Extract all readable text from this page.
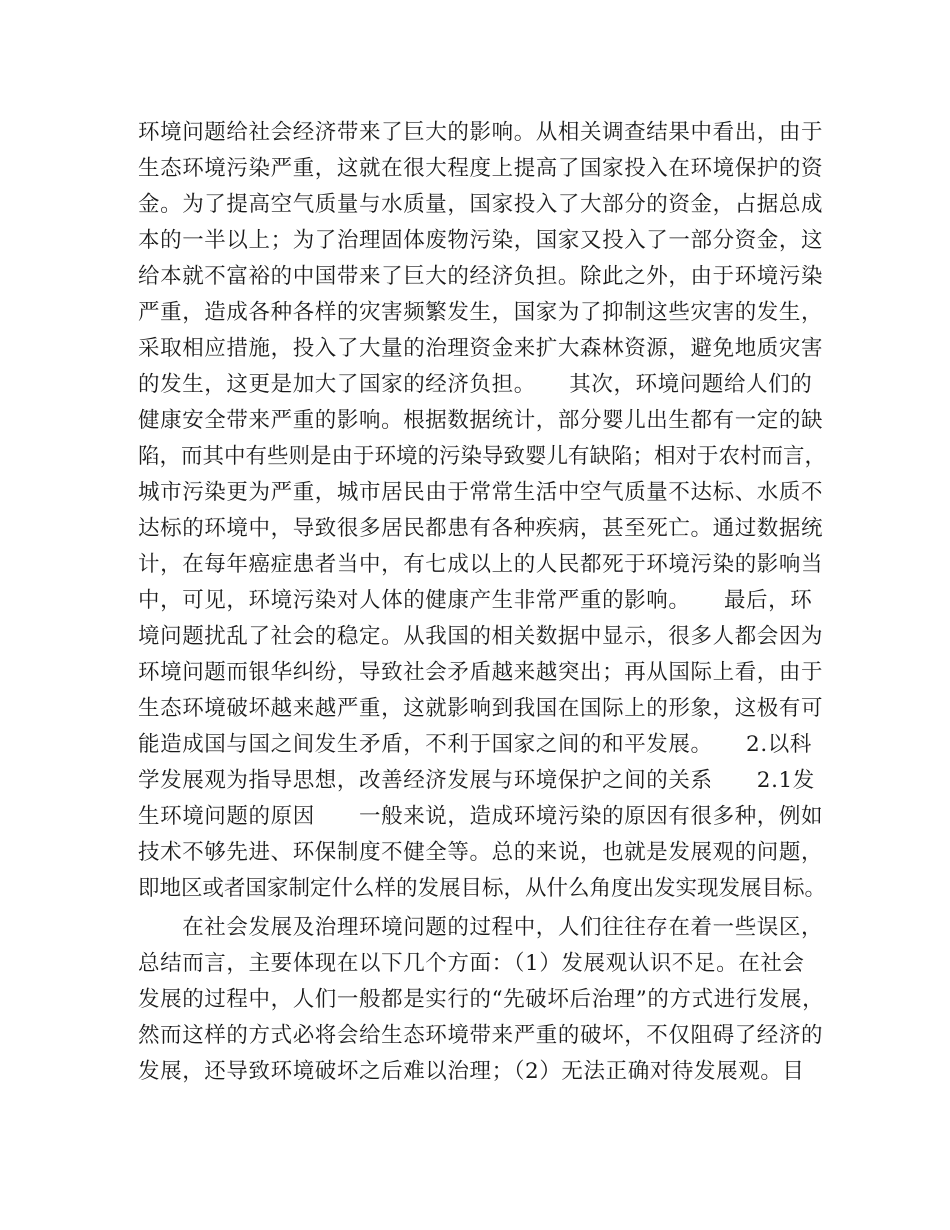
环境问题给社会经济带来了巨大的影响。从相关调查结果中看出，由于
生态环境污染严重，这就在很大程度上提高了国家投入在环境保护的资
金。为了提高空气质量与水质量，国家投入了大部分的资金，占据总成
本的一半以上；为了治理固体废物污染，国家又投入了一部分资金，这
给本就不富裕的中国带来了巨大的经济负担。除此之外，由于环境污染
严重，造成各种各样的灾害频繁发生，国家为了抑制这些灾害的发生，
采取相应措施，投入了大量的治理资金来扩大森林资源，避免地质灾害
的发生，这更是加大了国家的经济负担。　　其次，环境问题给人们的
健康安全带来严重的影响。根据数据统计，部分婴儿出生都有一定的缺
陷，而其中有些则是由于环境的污染导致婴儿有缺陷；相对于农村而言，
城市污染更为严重，城市居民由于常常生活中空气质量不达标、水质不
达标的环境中，导致很多居民都患有各种疾病，甚至死亡。通过数据统
计，在每年癌症患者当中，有七成以上的人民都死于环境污染的影响当
中，可见，环境污染对人体的健康产生非常严重的影响。　　最后，环
境问题扰乱了社会的稳定。从我国的相关数据中显示，很多人都会因为
环境问题而银华纠纷，导致社会矛盾越来越突出；再从国际上看，由于
生态环境破坏越来越严重，这就影响到我国在国际上的形象，这极有可
能造成国与国之间发生矛盾，不利于国家之间的和平发展。　　2.以科
学发展观为指导思想，改善经济发展与环境保护之间的关系　　2.1发
生环境问题的原因　　一般来说，造成环境污染的原因有很多种，例如
技术不够先进、环保制度不健全等。总的来说，也就是发展观的问题，
即地区或者国家制定什么样的发展目标，从什么角度出发实现发展目标。
　　在社会发展及治理环境问题的过程中，人们往往存在着一些误区，
总结而言，主要体现在以下几个方面：（1）发展观认识不足。在社会
发展的过程中，人们一般都是实行的“先破坏后治理”的方式进行发展，
然而这样的方式必将会给生态环境带来严重的破坏，不仅阻碍了经济的
发展，还导致环境破坏之后难以治理；（2）无法正确对待发展观。目
